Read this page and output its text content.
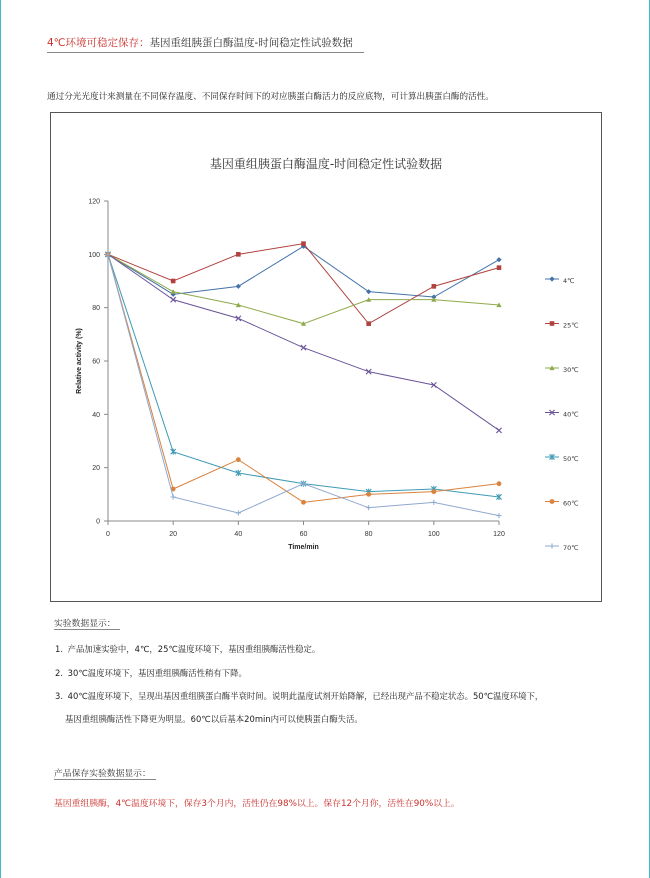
4℃环境可稳定保存：基因重组胰蛋白酶温度-时间稳定性试验数据
通过分光光度计来测量在不同保存温度、不同保存时间下的对应胰蛋白酶活力的反应底物，可计算出胰蛋白酶的活性。
基因重组胰蛋白酶温度-时间稳定性试验数据
0
20
40
60
80
100
120
0	20	40	60	80	100	120
Time/min
Relative activity (%)
4℃
25℃
30℃
40℃
50℃
60℃
70℃
实验数据显示：
1. 产品加速实验中，4℃，25℃温度环境下，基因重组胰酶活性稳定。
2. 30℃温度环境下，基因重组胰酶活性稍有下降。
3. 40℃温度环境下，呈现出基因重组胰蛋白酶半衰时间。说明此温度试剂开始降解，已经出现产品不稳定状态。50℃温度环境下，
基因重组胰酶活性下降更为明显。60℃以后基本20min内可以使胰蛋白酶失活。
产品保存实验数据显示：
基因重组胰酶，4℃温度环境下，保存3个月内，活性仍在98%以上。保存12个月你，活性在90%以上。
